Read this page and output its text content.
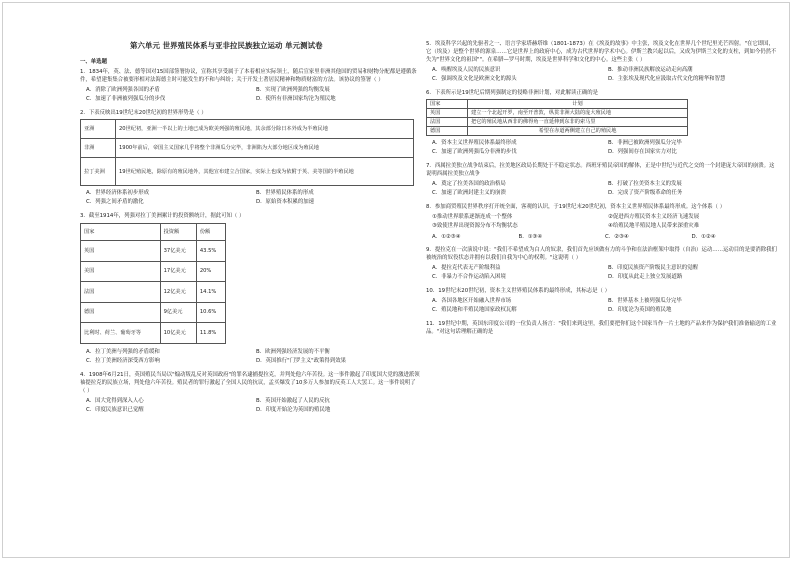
第六单元 世界殖民体系与亚非拉民族独立运动 单元测试卷
一、单选题
1．1834年，英、法、德等国对15国部签署协议，宣称其享受属于了本着相应实际领土，随后宣家里非洲其他国的贸易和财物分配都是遵循条件，希望建集集合被要形相对法海德主时可能发生的不和与纠纷；关于开发土著居民精神和物质财富的方法。该协议的签署（ ）
A．消除了欧洲列强各国的矛盾	B．实现了欧洲列强的均衡发展
C．加速了非洲被列强瓜分的步伐	D．使所有非洲国家均沦为殖民地
2．下表反映出19世纪末20世纪初的世界形势是（ ）
亚洲	20世纪初，亚洲一半以上的土地已成为欧美列强的殖民地，其余部分除日本外成为半殖民地
非洲	1900年前后，帝国主义国家几乎将整个非洲瓜分完毕，非洲陷为大部分地区成为殖民地
拉丁美洲	19世纪殖民地，除原有的殖民地外，其他宣布建立合国家，实际上也成为依附于英、美等国的半殖民地
A．世界经济体系初步形成	B．世界殖民体系的形成
C．列强之间矛盾的激化	D．原始资本积累的加速
3．截至1914年，列强对拉丁美洲累计的投资额统计，据此可知（ ）
国家	投资额	份额
英国	37亿美元	43.5%
美国	17亿美元	20%
法国	12亿美元	14.1%
德国	9亿美元	10.6%
比利时、荷兰、葡萄牙等	10亿美元	11.8%
A．拉丁美洲与列强的矛盾缓和	B．欧洲列强经济发展的不平衡
C．拉丁美洲经济深受西方影响	D．英国推行"门罗主义"政策得到效果
4．1908年6月21日，英国殖民当局以"煽动叛乱反对英国政府"的罪名逮捕提拉克，并判处他六年苦役。这一事件激起了印度国大党的激进派领袖提拉克的民族立场，判处他六年苦役。殖民者的罪行激起了全国人民的抗议，孟买爆发了10多万人参加的反英工人大罢工。这一事件说明了（ ）
A．国大党得到深入人心	B．英国开始激起了人民的反抗
C．印度民族意识已觉醒	D．印度开始沦为英国的殖民地
5．埃及科学兴起的先驱者之一、语言学家塔赫塔维（1801-1873）在《埃及的故事》中主张，埃及文化在世界几个世纪里光芒四射。"在它即国，它（埃及）是整个世界的源泉……它是世界上的政府中心，成为古代世界的学术中心。伊斯兰教兴起以后，又成为伊斯兰文化的支柱，到如今仍然不失为"世界文化的祖国""。在希腊—罗马时期，埃及是世界科学和文化的中心。这些主张（ ）
A．唤醒埃及人民的民族意识	B．推动非洲民族解放运动走向高潮
C．强调埃及文化是欧洲文化的源头	D．主张埃及现代化应汲取古代文化的精华和智慧
6．下表所示是19世纪后期列强制定的侵略非洲计划，对此解读正确的是
国家	计划
英国	建立一个北起开罗，南至开普敦，纵贯非洲大陆的庞大殖民地
法国	把它的殖民地从西非的佛得角一直延伸到东非的索马里
德国	希望在赤道两侧建立自己的殖民地
A．资本主义世界殖民体系最终形成	B．非洲已被欧洲列强瓜分完毕
C．加速了欧洲列强瓜分非洲的步伐	D．列强间存在国家实力对比
7．西属拉美独立战争结束后，拉美地区政局长期处于不稳定状态。西班牙殖民帝国的解体，正是中世纪与近代之交的一个封建庞大帝国的崩溃。这说明西属拉美独立战争
A．奠定了拉美各国的政治格局	B．打破了拉美资本主义的发展
C．加速了欧洲封建主义的崩溃	D．完成了资产阶级革命的任务
8．参加商贸殖民世界秩序打开统全面，客观的认识，于19世纪末20世纪初，资本主义世界殖民体系最终形成。这个体系（ ）
①推动世界联系逐渐连成一个整体	②促进西方殖民资本主义经济飞速发展
③致使世界出现资源分布不均衡状态	④给殖民地半殖民地人民带来深重灾难
A．①②③④	B．①③④	C．②③④	D．①②④
9．提拉克在一次演说中说："我们不希望成为白人的奴隶，我们首先应该做有力的斗争和在法治框架中取得（自治）运动……运动目的是要消除我们被统治的奴役状态并拥有以我们自我为中心的权利。"这说明（ ）
A．提拉克代表无产阶级利益	B．印度民族资产阶级民主意识的觉醒
C．非暴力不合作运动陷入困境	D．印度从此走上独立发展道路
10．19世纪末20世纪初，资本主义世界殖民体系的最终形成，其标志是（ ）
A．各国各地区开始融入世界市场	B．世界基本上被列强瓜分完毕
C．殖民地和半殖民地国家政权瓦解	D．印度沦为英国的殖民地
11．19世纪中期，英国东印度公司的一位负责人扬言："我们来到这里，我们要把你们这个国家当作一片土地的产品来作为保护我们准备输送的工业品。"对这句话理解正确的是
